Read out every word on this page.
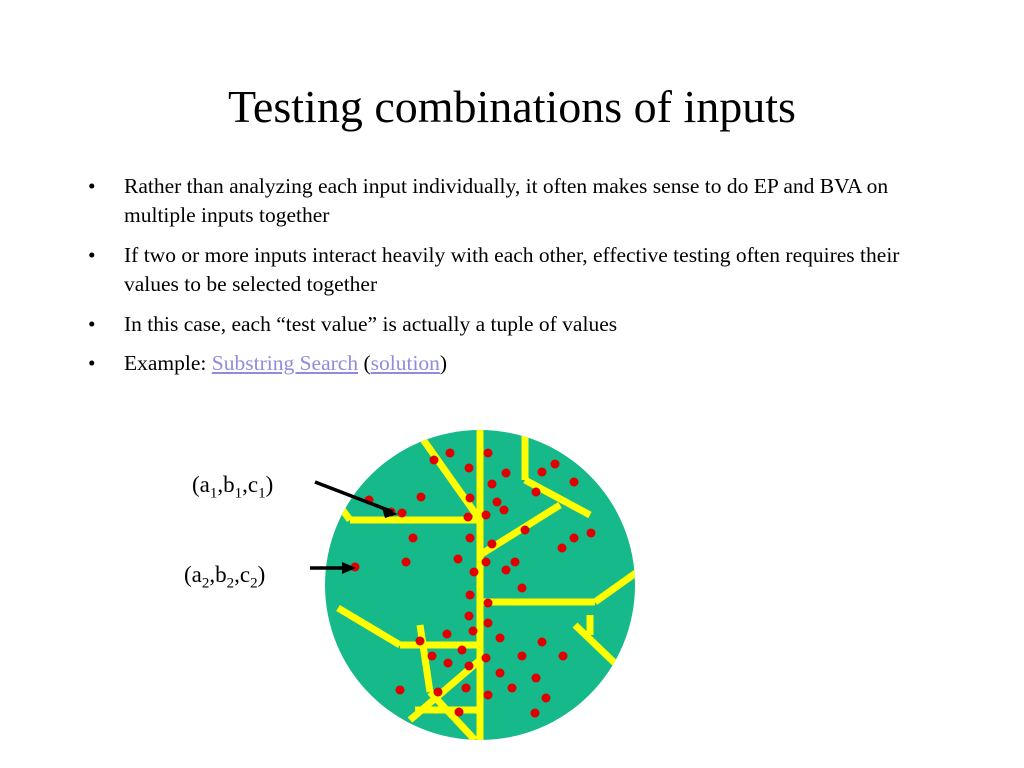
Testing combinations of inputs
• Rather than analyzing each input individually, it often makes sense to do EP and BVA on multiple inputs together
• If two or more inputs interact heavily with each other, effective testing often requires their values to be selected together
• In this case, each “test value” is actually a tuple of values
• Example: Substring Search (solution)
$(a_1,b_1,c_1)$
$(a_2,b_2,c_2)$
